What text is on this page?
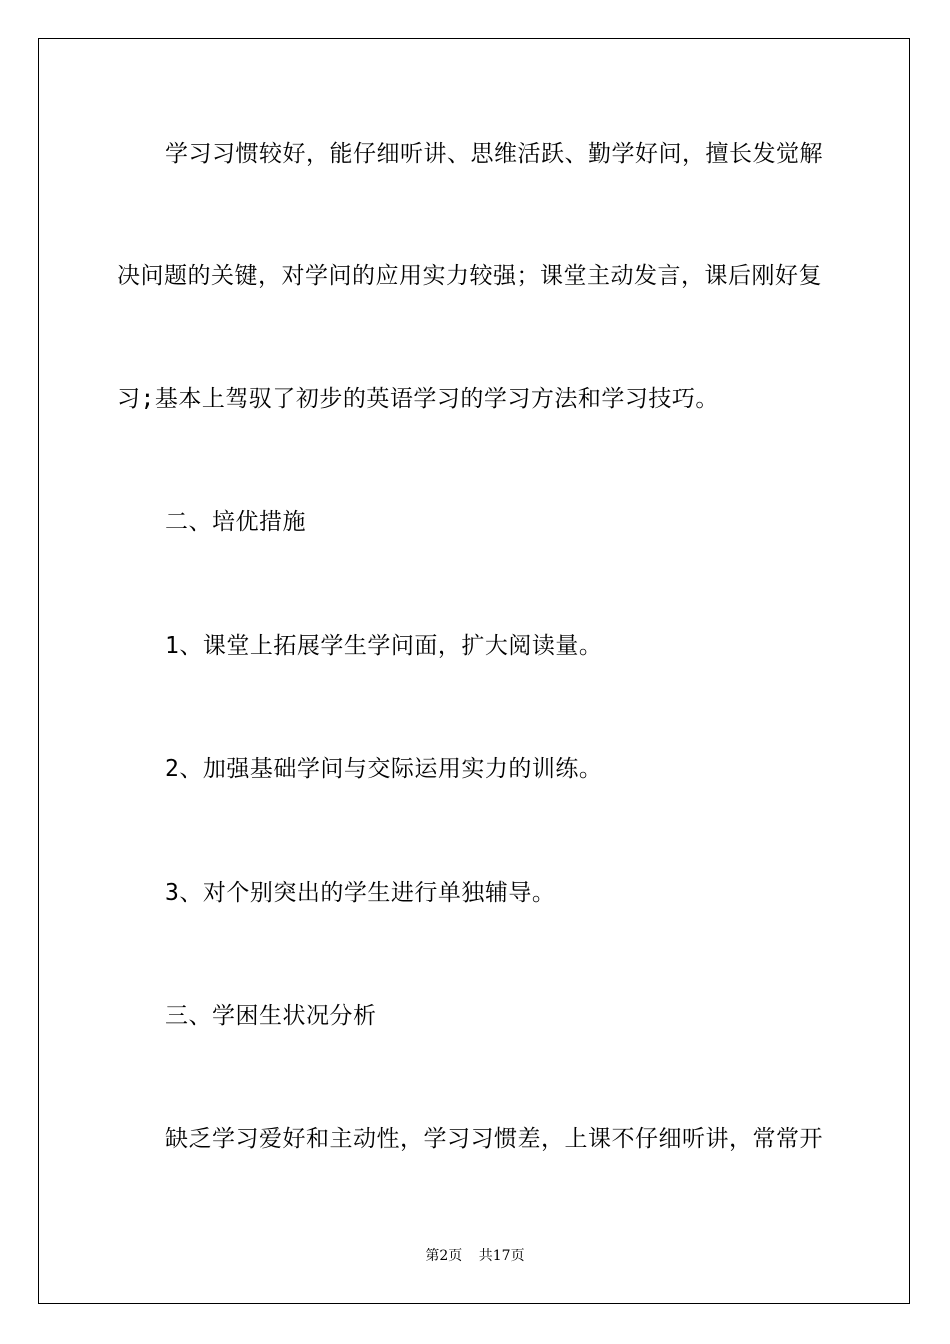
学习习惯较好，能仔细听讲、思维活跃、勤学好问，擅长发觉解
决问题的关键，对学问的应用实力较强；课堂主动发言，课后刚好复
习;基本上驾驭了初步的英语学习的学习方法和学习技巧。
二、培优措施
1、课堂上拓展学生学问面，扩大阅读量。
2、加强基础学问与交际运用实力的训练。
3、对个别突出的学生进行单独辅导。
三、学困生状况分析
缺乏学习爱好和主动性，学习习惯差，上课不仔细听讲，常常开
第2页 共17页
